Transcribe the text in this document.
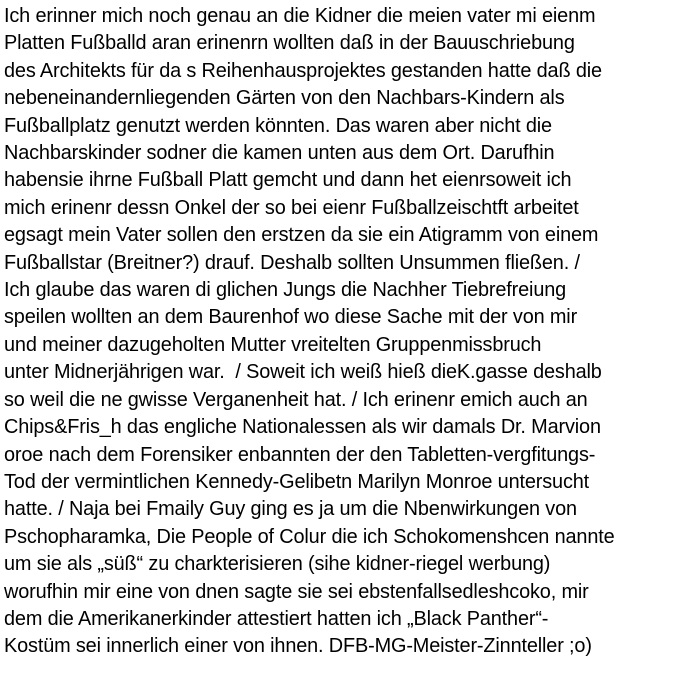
Ich erinner mich noch genau an die Kidner die meien vater mi eienm
Platten Fußballd aran erinenrn wollten daß in der Bauuschriebung
des Architekts für da s Reihenhausprojektes gestanden hatte daß die
nebeneinandernliegenden Gärten von den Nachbars-Kindern als
Fußballplatz genutzt werden könnten. Das waren aber nicht die
Nachbarskinder sodner die kamen unten aus dem Ort. Darufhin
habensie ihrne Fußball Platt gemcht und dann het eienrsoweit ich
mich erinenr dessn Onkel der so bei eienr Fußballzeischtft arbeitet
egsagt mein Vater sollen den erstzen da sie ein Atigramm von einem
Fußballstar (Breitner?) drauf. Deshalb sollten Unsummen fließen. /
Ich glaube das waren di glichen Jungs die Nachher Tiebrefreiung
speilen wollten an dem Baurenhof wo diese Sache mit der von mir
und meiner dazugeholten Mutter vreitelten Gruppenmissbruch
unter Midnerjährigen war.  / Soweit ich weiß hieß dieK.gasse deshalb
so weil die ne gwisse Verganenheit hat. / Ich erinenr emich auch an
Chips&Fris_h das engliche Nationalessen als wir damals Dr. Marvion
oroe nach dem Forensiker enbannten der den Tabletten-vergfitungs-
Tod der vermintlichen Kennedy-Gelibetn Marilyn Monroe untersucht
hatte. / Naja bei Fmaily Guy ging es ja um die Nbenwirkungen von
Pschopharamka, Die People of Colur die ich Schokomenshcen nannte
um sie als „süß“ zu charkterisieren (sihe kidner-riegel werbung)
worufhin mir eine von dnen sagte sie sei ebstenfallsedleshcoko, mir
dem die Amerikanerkinder attestiert hatten ich „Black Panther“-
Kostüm sei innerlich einer von ihnen. DFB-MG-Meister-Zinnteller ;o)
